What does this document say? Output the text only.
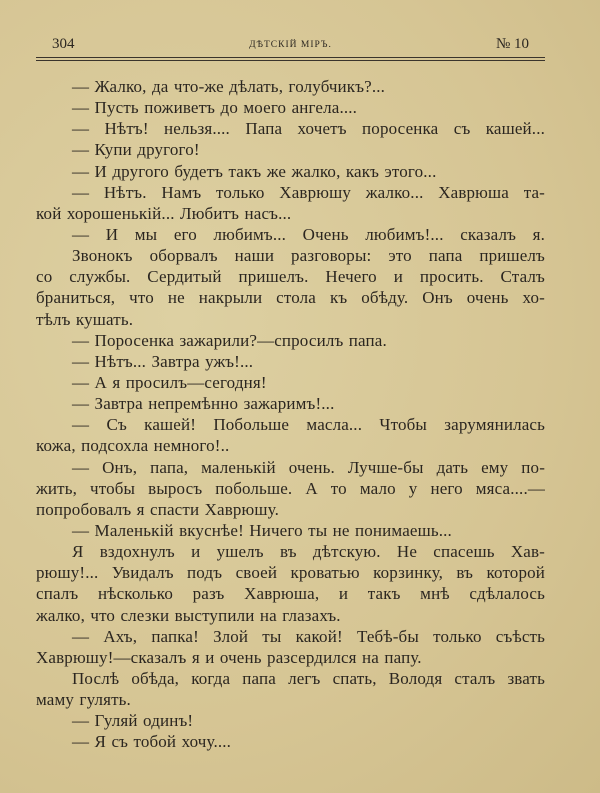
304	ДѢТСКІЙ МІРЪ.	№ 10
— Жалко, да что-же дѣлать, голубчикъ?...
— Пусть поживетъ до моего ангела....
— Нѣтъ! нельзя.... Папа хочетъ поросенка съ кашей...
— Купи другого!
— И другого будетъ такъ же жалко, какъ этого...
— Нѣтъ. Намъ только Хаврюшу жалко... Хаврюша та-
кой хорошенькій... Любитъ насъ...
— И мы его любимъ... Очень любимъ!... сказалъ я.
Звонокъ оборвалъ наши разговоры: это папа пришелъ
со службы. Сердитый пришелъ. Нечего и просить. Сталъ
браниться, что не накрыли стола къ обѣду. Онъ очень хо-
тѣлъ кушать.
— Поросенка зажарили?—спросилъ папа.
— Нѣтъ... Завтра ужъ!...
— А я просилъ—сегодня!
— Завтра непремѣнно зажаримъ!...
— Съ кашей! Побольше масла... Чтобы зарумянилась
кожа, подсохла немного!..
— Онъ, папа, маленькій очень. Лучше-бы дать ему по-
жить, чтобы выросъ побольше. А то мало у него мяса....—
попробовалъ я спасти Хаврюшу.
— Маленькій вкуснѣе! Ничего ты не понимаешь...
Я вздохнулъ и ушелъ въ дѣтскую. Не спасешь Хав-
рюшу!... Увидалъ подъ своей кроватью корзинку, въ которой
спалъ нѣсколько разъ Хаврюша, и такъ мнѣ сдѣлалось
жалко, что слезки выступили на глазахъ.
— Ахъ, папка! Злой ты какой! Тебѣ-бы только съѣсть
Хаврюшу!—сказалъ я и очень разсердился на папу.
Послѣ обѣда, когда папа легъ спать, Володя сталъ звать
маму гулять.
— Гуляй одинъ!
— Я съ тобой хочу....
